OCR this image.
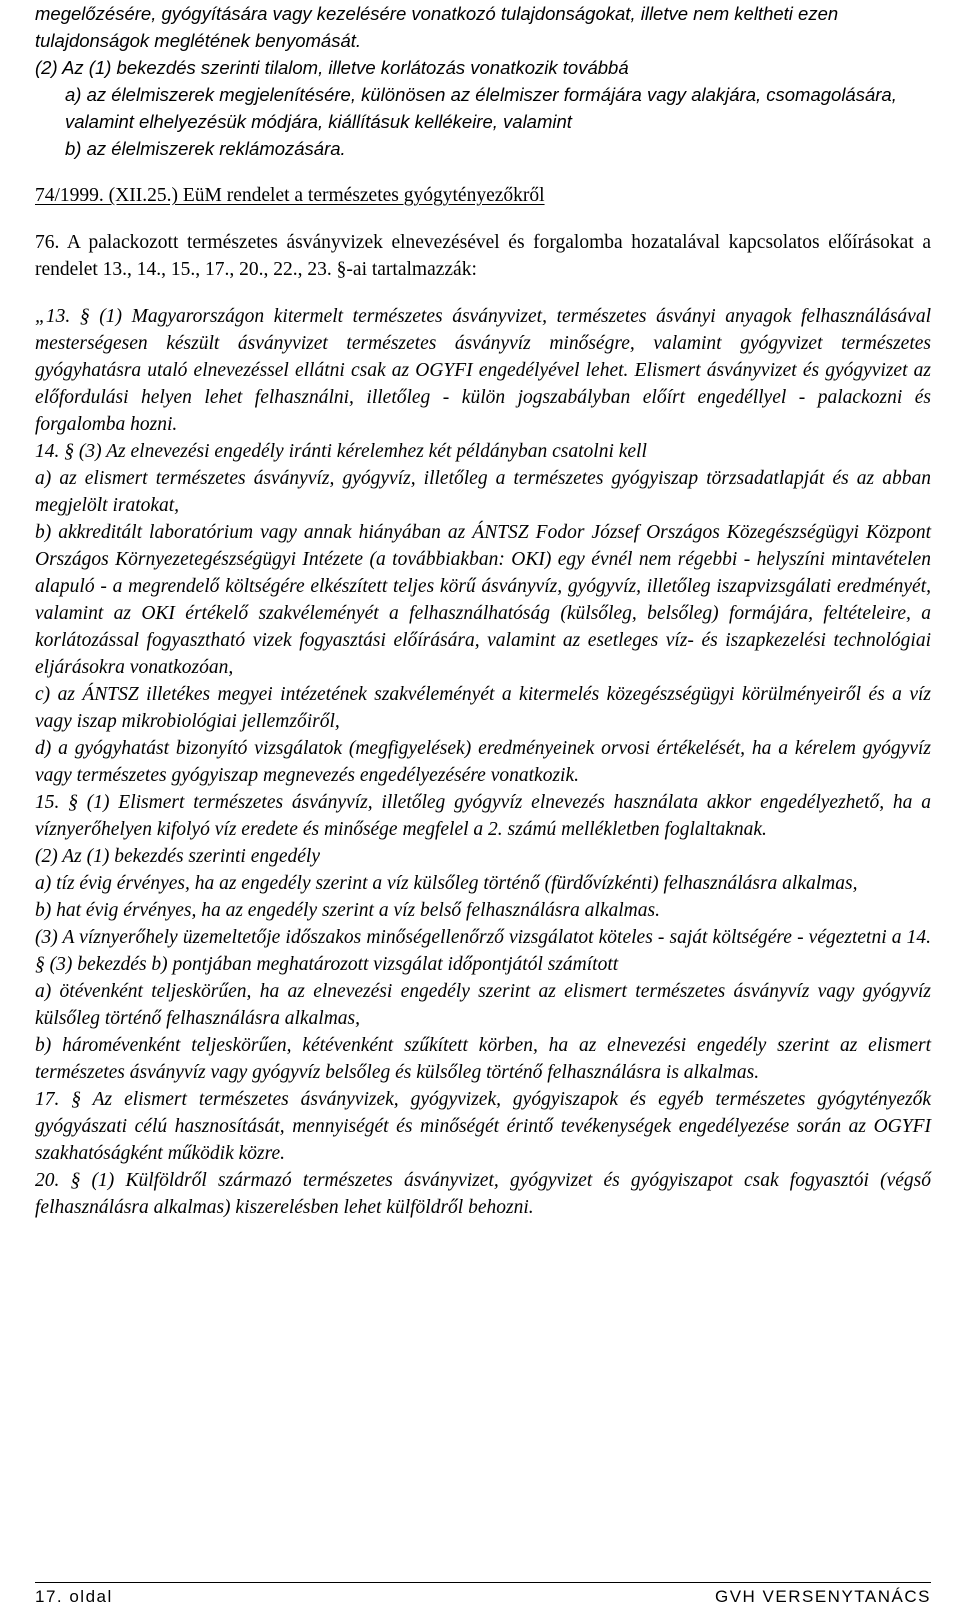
megelőzésére, gyógyítására vagy kezelésére vonatkozó tulajdonságokat, illetve nem keltheti ezen tulajdonságok meglétének benyomását.

(2) Az (1) bekezdés szerinti tilalom, illetve korlátozás vonatkozik továbbá

a) az élelmiszerek megjelenítésére, különösen az élelmiszer formájára vagy alakjára, csomagolására, valamint elhelyezésük módjára, kiállításuk kellékeire, valamint

b) az élelmiszerek reklámozására.

74/1999. (XII.25.) EüM rendelet a természetes gyógytényezőkről

76. A palackozott természetes ásványvizek elnevezésével és forgalomba hozatalával kapcsolatos előírásokat a rendelet 13., 14., 15., 17., 20., 22., 23. §-ai tartalmazzák:

„13. § (1) Magyarországon kitermelt természetes ásványvizet, természetes ásványi anyagok felhasználásával mesterségesen készült ásványvizet természetes ásványvíz minőségre, valamint gyógyvizet természetes gyógyhatásra utaló elnevezéssel ellátni csak az OGYFI engedélyével lehet. Elismert ásványvizet és gyógyvizet az előfordulási helyen lehet felhasználni, illetőleg - külön jogszabályban előírt engedéllyel - palackozni és forgalomba hozni.

14. § (3) Az elnevezési engedély iránti kérelemhez két példányban csatolni kell

a) az elismert természetes ásványvíz, gyógyvíz, illetőleg a természetes gyógyiszap törzsadatlapját és az abban megjelölt iratokat,

b) akkreditált laboratórium vagy annak hiányában az ÁNTSZ Fodor József Országos Közegészségügyi Központ Országos Környezetegészségügyi Intézete (a továbbiakban: OKI) egy évnél nem régebbi - helyszíni mintavételen alapuló - a megrendelő költségére elkészített teljes körű ásványvíz, gyógyvíz, illetőleg iszapvizsgálati eredményét, valamint az OKI értékelő szakvéleményét a felhasználhatóság (külsőleg, belsőleg) formájára, feltételeire, a korlátozással fogyasztható vizek fogyasztási előírására, valamint az esetleges víz- és iszapkezelési technológiai eljárásokra vonatkozóan,

c) az ÁNTSZ illetékes megyei intézetének szakvéleményét a kitermelés közegészségügyi körülményeiről és a víz vagy iszap mikrobiológiai jellemzőiről,

d) a gyógyhatást bizonyító vizsgálatok (megfigyelések) eredményeinek orvosi értékelését, ha a kérelem gyógyvíz vagy természetes gyógyiszap megnevezés engedélyezésére vonatkozik.

15. § (1) Elismert természetes ásványvíz, illetőleg gyógyvíz elnevezés használata akkor engedélyezhető, ha a víznyerőhelyen kifolyó víz eredete és minősége megfelel a 2. számú mellékletben foglaltaknak.

(2) Az (1) bekezdés szerinti engedély

a) tíz évig érvényes, ha az engedély szerint a víz külsőleg történő (fürdővízkénti) felhasználásra alkalmas,

b) hat évig érvényes, ha az engedély szerint a víz belső felhasználásra alkalmas.

(3) A víznyerőhely üzemeltetője időszakos minőségellenőrző vizsgálatot köteles - saját költségére - végeztetni a 14. § (3) bekezdés b) pontjában meghatározott vizsgálat időpontjától számított

a) ötévenként teljeskörűen, ha az elnevezési engedély szerint az elismert természetes ásványvíz vagy gyógyvíz külsőleg történő felhasználásra alkalmas,

b) háromévenként teljeskörűen, kétévenként szűkített körben, ha az elnevezési engedély szerint az elismert természetes ásványvíz vagy gyógyvíz belsőleg és külsőleg történő felhasználásra is alkalmas.

17. § Az elismert természetes ásványvizek, gyógyvizek, gyógyiszapok és egyéb természetes gyógytényezők gyógyászati célú hasznosítását, mennyiségét és minőségét érintő tevékenységek engedélyezése során az OGYFI szakhatóságként működik közre.

20. § (1) Külföldről származó természetes ásványvizet, gyógyvizet és gyógyiszapot csak fogyasztói (végső felhasználásra alkalmas) kiszerelésben lehet külföldről behozni.

17. oldal	GVH VERSENYTANÁCS
